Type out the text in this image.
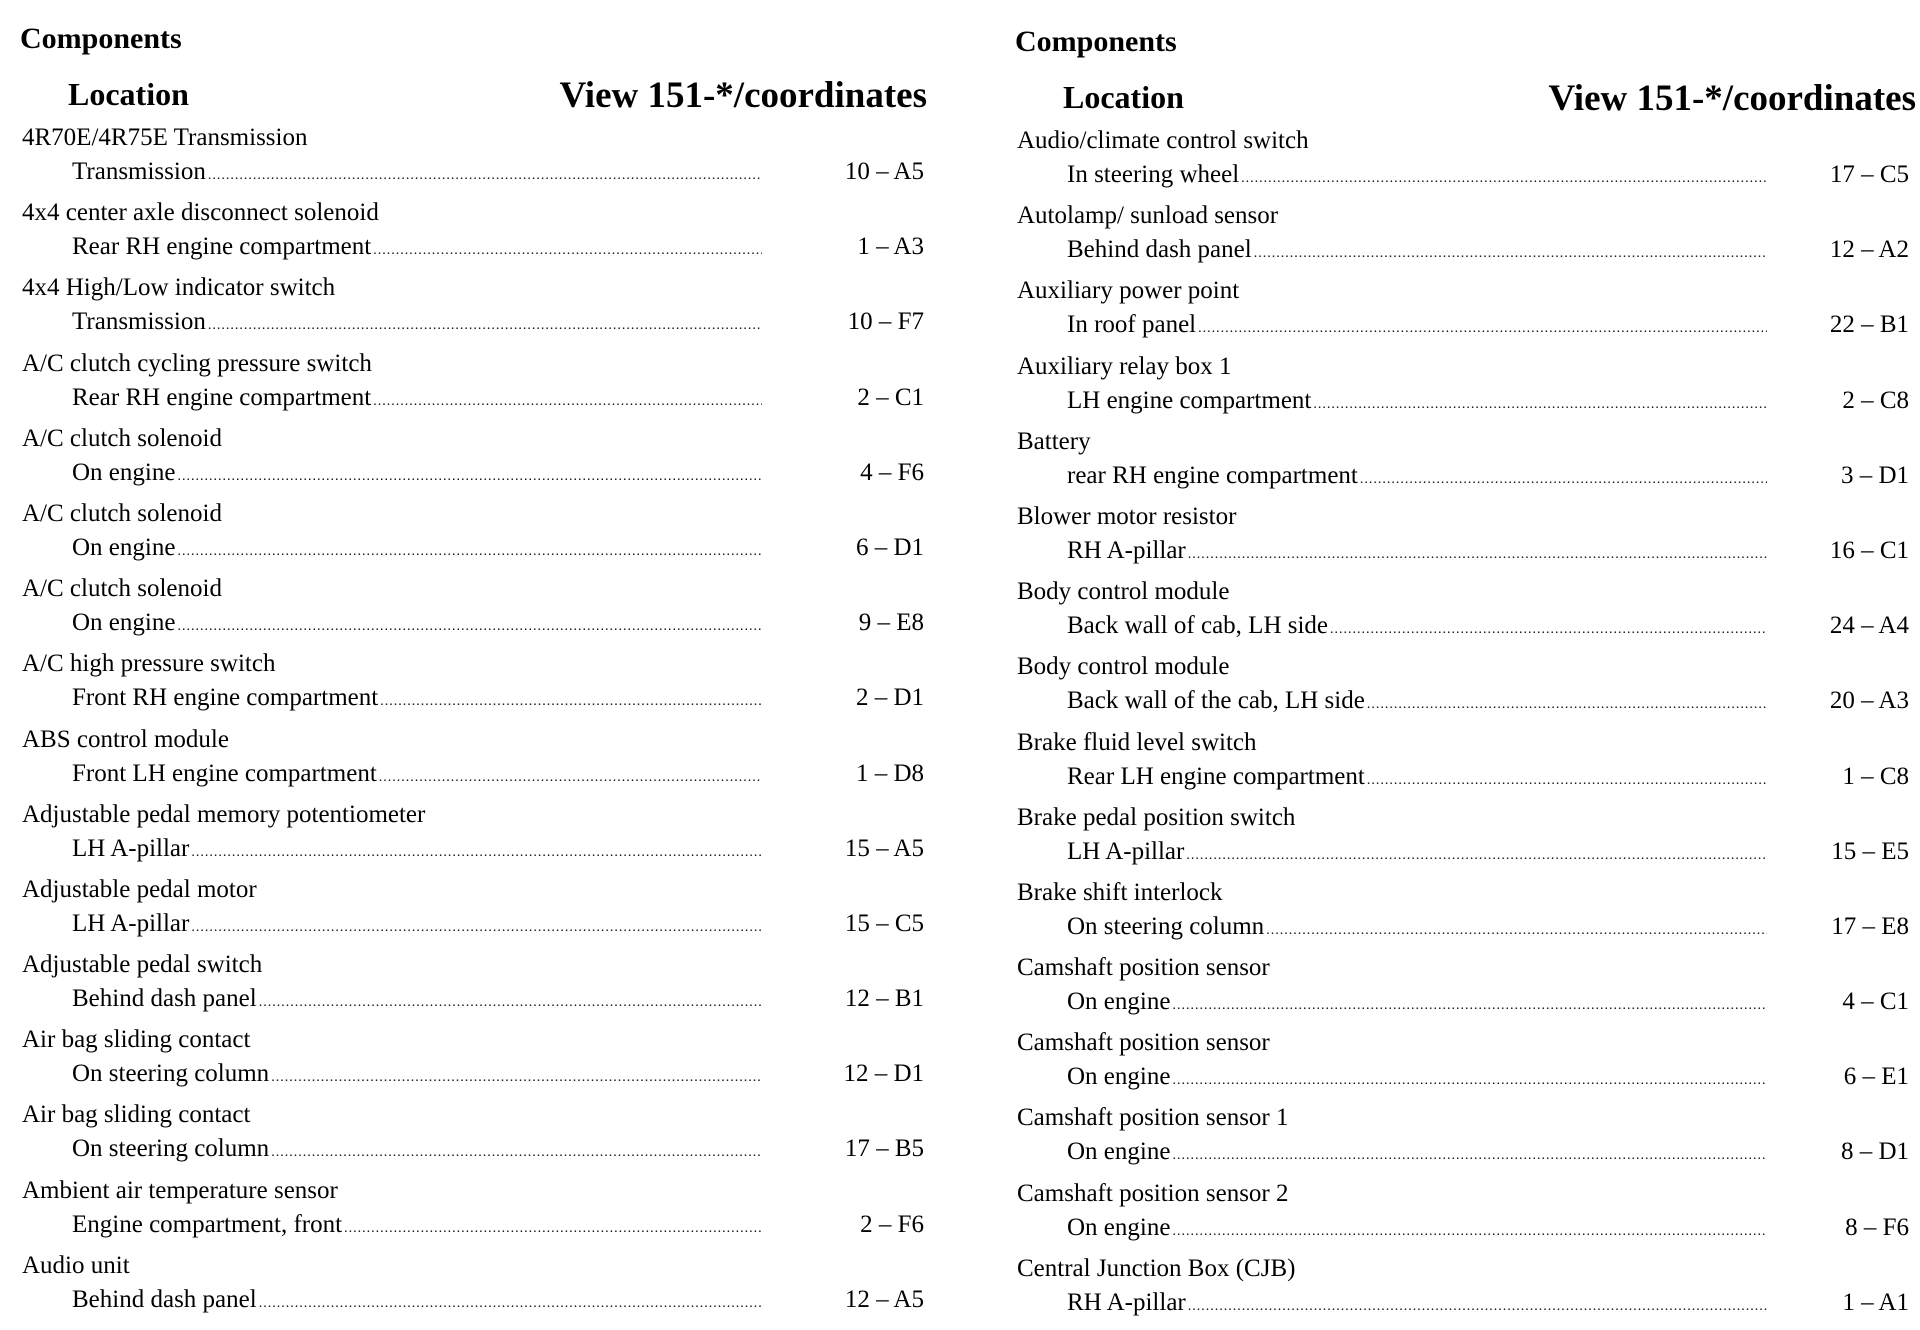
Components
Location	View 151-*/coordinates
4R70E/4R75E Transmission
Transmission .....	10 – A5
4x4 center axle disconnect solenoid
Rear RH engine compartment .....	1 – A3
4x4 High/Low indicator switch
Transmission .....	10 – F7
A/C clutch cycling pressure switch
Rear RH engine compartment .....	2 – C1
A/C clutch solenoid
On engine .....	4 – F6
A/C clutch solenoid
On engine .....	6 – D1
A/C clutch solenoid
On engine .....	9 – E8
A/C high pressure switch
Front RH engine compartment .....	2 – D1
ABS control module
Front LH engine compartment .....	1 – D8
Adjustable pedal memory potentiometer
LH A-pillar .....	15 – A5
Adjustable pedal motor
LH A-pillar .....	15 – C5
Adjustable pedal switch
Behind dash panel .....	12 – B1
Air bag sliding contact
On steering column .....	12 – D1
Air bag sliding contact
On steering column .....	17 – B5
Ambient air temperature sensor
Engine compartment, front .....	2 – F6
Audio unit
Behind dash panel .....	12 – A5
Components
Location	View 151-*/coordinates
Audio/climate control switch
In steering wheel .....	17 – C5
Autolamp/ sunload sensor
Behind dash panel .....	12 – A2
Auxiliary power point
In roof panel .....	22 – B1
Auxiliary relay box 1
LH engine compartment .....	2 – C8
Battery
rear RH engine compartment .....	3 – D1
Blower motor resistor
RH A-pillar .....	16 – C1
Body control module
Back wall of cab, LH side .....	24 – A4
Body control module
Back wall of the cab, LH side .....	20 – A3
Brake fluid level switch
Rear LH engine compartment .....	1 – C8
Brake pedal position switch
LH A-pillar .....	15 – E5
Brake shift interlock
On steering column .....	17 – E8
Camshaft position sensor
On engine .....	4 – C1
Camshaft position sensor
On engine .....	6 – E1
Camshaft position sensor 1
On engine .....	8 – D1
Camshaft position sensor 2
On engine .....	8 – F6
Central Junction Box (CJB)
RH A-pillar .....	1 – A1
